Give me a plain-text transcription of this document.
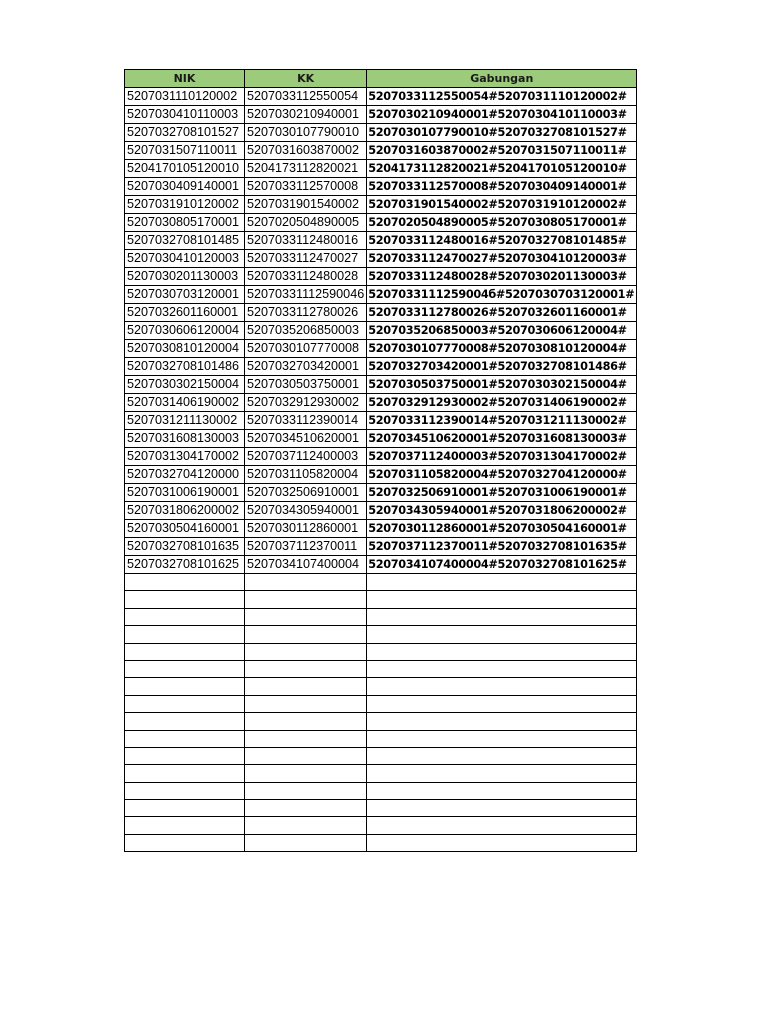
NIK	KK	Gabungan
5207031110120002	5207033112550054	5207033112550054#5207031110120002#
5207030410110003	5207030210940001	5207030210940001#5207030410110003#
5207032708101527	5207030107790010	5207030107790010#5207032708101527#
5207031507110011	5207031603870002	5207031603870002#5207031507110011#
5204170105120010	5204173112820021	5204173112820021#5204170105120010#
5207030409140001	5207033112570008	5207033112570008#5207030409140001#
5207031910120002	5207031901540002	5207031901540002#5207031910120002#
5207030805170001	5207020504890005	5207020504890005#5207030805170001#
5207032708101485	5207033112480016	5207033112480016#5207032708101485#
5207030410120003	5207033112470027	5207033112470027#5207030410120003#
5207030201130003	5207033112480028	5207033112480028#5207030201130003#
5207030703120001	52070331112590046	5207033111259004б#5207030703120001#
5207032601160001	5207033112780026	5207033112780026#5207032601160001#
5207030606120004	5207035206850003	5207035206850003#5207030606120004#
5207030810120004	5207030107770008	5207030107770008#5207030810120004#
5207032708101486	5207032703420001	5207032703420001#5207032708101486#
5207030302150004	5207030503750001	5207030503750001#5207030302150004#
5207031406190002	5207032912930002	5207032912930002#5207031406190002#
5207031211130002	5207033112390014	5207033112390014#5207031211130002#
5207031608130003	5207034510620001	5207034510620001#5207031608130003#
5207031304170002	5207037112400003	5207037112400003#5207031304170002#
5207032704120000	5207031105820004	5207031105820004#5207032704120000#
5207031006190001	5207032506910001	5207032506910001#5207031006190001#
5207031806200002	5207034305940001	5207034305940001#5207031806200002#
5207030504160001	5207030112860001	5207030112860001#5207030504160001#
5207032708101635	5207037112370011	5207037112370011#5207032708101635#
5207032708101625	5207034107400004	5207034107400004#5207032708101625#
